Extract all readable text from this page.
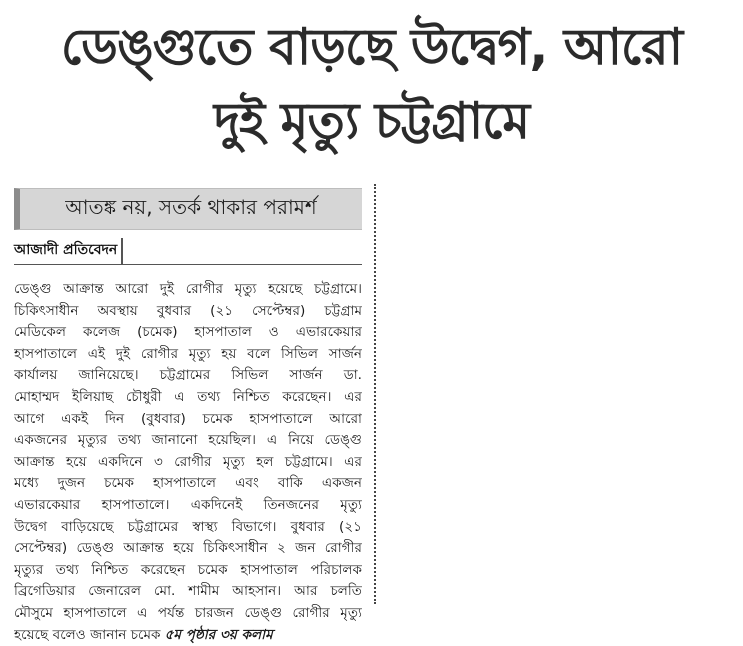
ডেঙ্গুতে বাড়ছে উদ্বেগ, আরো
দুই মৃত্যু চট্টগ্রামে
আতঙ্ক নয়, সতর্ক থাকার পরামর্শ
আজাদী প্রতিবেদন
ডেঙ্গু আক্রান্ত আরো দুই রোগীর মৃত্যু হয়েছে চট্টগ্রামে।
চিকিৎসাধীন অবস্থায় বুধবার (২১ সেপ্টেম্বর) চট্টগ্রাম
মেডিকেল কলেজ (চমেক) হাসপাতাল ও এভারকেয়ার
হাসপাতালে এই দুই রোগীর মৃত্যু হয় বলে সিভিল সার্জন
কার্যালয় জানিয়েছে। চট্টগ্রামের সিভিল সার্জন ডা.
মোহাম্মদ ইলিয়াছ চৌধুরী এ তথ্য নিশ্চিত করেছেন। এর
আগে একই দিন (বুধবার) চমেক হাসপাতালে আরো
একজনের মৃত্যুর তথ্য জানানো হয়েছিল। এ নিয়ে ডেঙ্গু
আক্রান্ত হয়ে একদিনে ৩ রোগীর মৃত্যু হল চট্টগ্রামে। এর
মধ্যে দুজন চমেক হাসপাতালে এবং বাকি একজন
এভারকেয়ার হাসপাতালে। একদিনেই তিনজনের মৃত্যু
উদ্বেগ বাড়িয়েছে চট্টগ্রামের স্বাস্থ্য বিভাগে। বুধবার (২১
সেপ্টেম্বর) ডেঙ্গু আক্রান্ত হয়ে চিকিৎসাধীন ২ জন রোগীর
মৃত্যুর তথ্য নিশ্চিত করেছেন চমেক হাসপাতাল পরিচালক
ব্রিগেডিয়ার জেনারেল মো. শামীম আহসান। আর চলতি
মৌসুমে হাসপাতালে এ পর্যন্ত চারজন ডেঙ্গু রোগীর মৃত্যু
হয়েছে বলেও জানান চমেক ৫ম পৃষ্ঠার ৩য় কলাম
